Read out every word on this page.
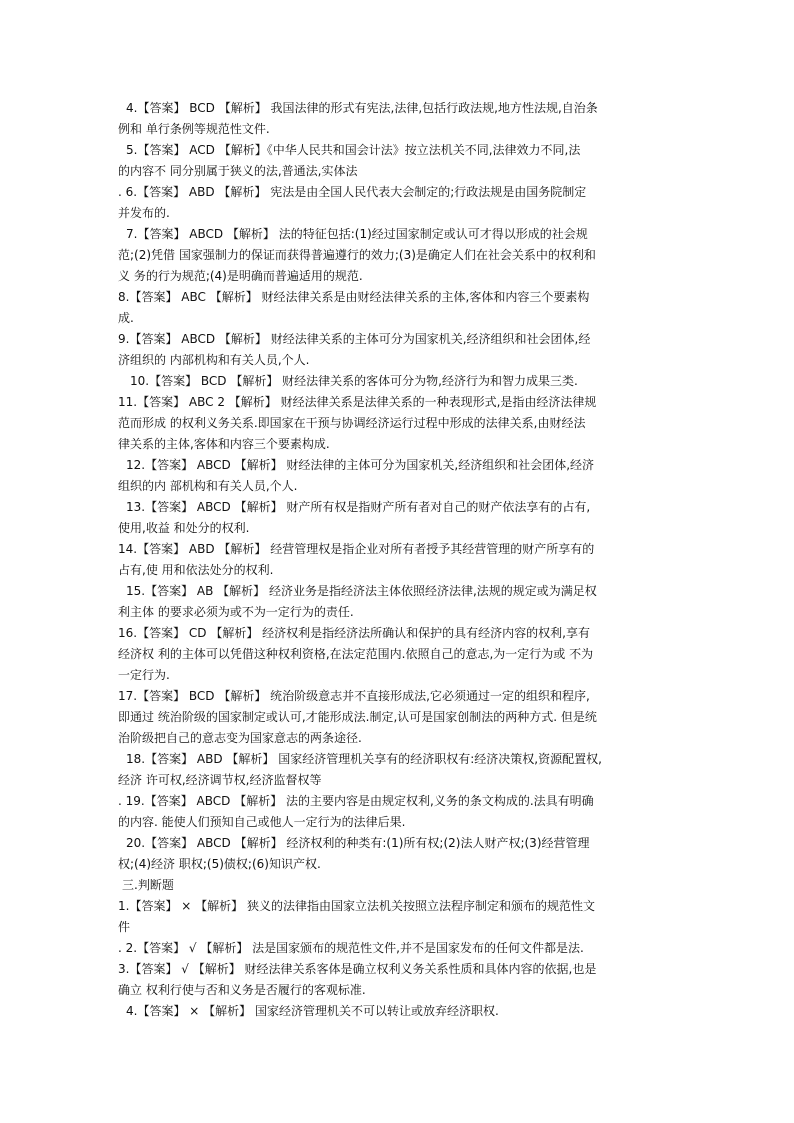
4.【答案】 BCD 【解析】 我国法律的形式有宪法,法律,包括行政法规,地方性法规,自治条
例和 单行条例等规范性文件.
5.【答案】 ACD 【解析】《中华人民共和国会计法》按立法机关不同,法律效力不同,法
的内容不 同分别属于狭义的法,普通法,实体法
. 6.【答案】 ABD 【解析】 宪法是由全国人民代表大会制定的;行政法规是由国务院制定
并发布的.
7.【答案】 ABCD 【解析】 法的特征包括:(1)经过国家制定或认可才得以形成的社会规
范;(2)凭借 国家强制力的保证而获得普遍遵行的效力;(3)是确定人们在社会关系中的权利和
义 务的行为规范;(4)是明确而普遍适用的规范.
8.【答案】 ABC 【解析】 财经法律关系是由财经法律关系的主体,客体和内容三个要素构
成.
9.【答案】 ABCD 【解析】 财经法律关系的主体可分为国家机关,经济组织和社会团体,经
济组织的 内部机构和有关人员,个人.
10.【答案】 BCD 【解析】 财经法律关系的客体可分为物,经济行为和智力成果三类.
11.【答案】 ABC 2 【解析】 财经法律关系是法律关系的一种表现形式,是指由经济法律规
范而形成 的权利义务关系.即国家在干预与协调经济运行过程中形成的法律关系,由财经法
律关系的主体,客体和内容三个要素构成.
12.【答案】 ABCD 【解析】 财经法律的主体可分为国家机关,经济组织和社会团体,经济
组织的内 部机构和有关人员,个人.
13.【答案】 ABCD 【解析】 财产所有权是指财产所有者对自己的财产依法享有的占有,
使用,收益 和处分的权利.
14.【答案】 ABD 【解析】 经营管理权是指企业对所有者授予其经营管理的财产所享有的
占有,使 用和依法处分的权利.
15.【答案】 AB 【解析】 经济业务是指经济法主体依照经济法律,法规的规定或为满足权
利主体 的要求必须为或不为一定行为的责任.
16.【答案】 CD 【解析】 经济权利是指经济法所确认和保护的具有经济内容的权利,享有
经济权 利的主体可以凭借这种权利资格,在法定范围内.依照自己的意志,为一定行为或 不为
一定行为.
17.【答案】 BCD 【解析】 统治阶级意志并不直接形成法,它必须通过一定的组织和程序,
即通过 统治阶级的国家制定或认可,才能形成法.制定,认可是国家创制法的两种方式. 但是统
治阶级把自己的意志变为国家意志的两条途径.
18.【答案】 ABD 【解析】 国家经济管理机关享有的经济职权有:经济决策权,资源配置权,
经济 许可权,经济调节权,经济监督权等
. 19.【答案】 ABCD 【解析】 法的主要内容是由规定权利,义务的条文构成的.法具有明确
的内容. 能使人们预知自己或他人一定行为的法律后果.
20.【答案】 ABCD 【解析】 经济权利的种类有:(1)所有权;(2)法人财产权;(3)经营管理
权;(4)经济 职权;(5)债权;(6)知识产权.
三.判断题
1.【答案】 × 【解析】 狭义的法律指由国家立法机关按照立法程序制定和颁布的规范性文
件
. 2.【答案】 √ 【解析】 法是国家颁布的规范性文件,并不是国家发布的任何文件都是法.
3.【答案】 √ 【解析】 财经法律关系客体是确立权利义务关系性质和具体内容的依据,也是
确立 权利行使与否和义务是否履行的客观标准.
4.【答案】 × 【解析】 国家经济管理机关不可以转让或放弃经济职权.
